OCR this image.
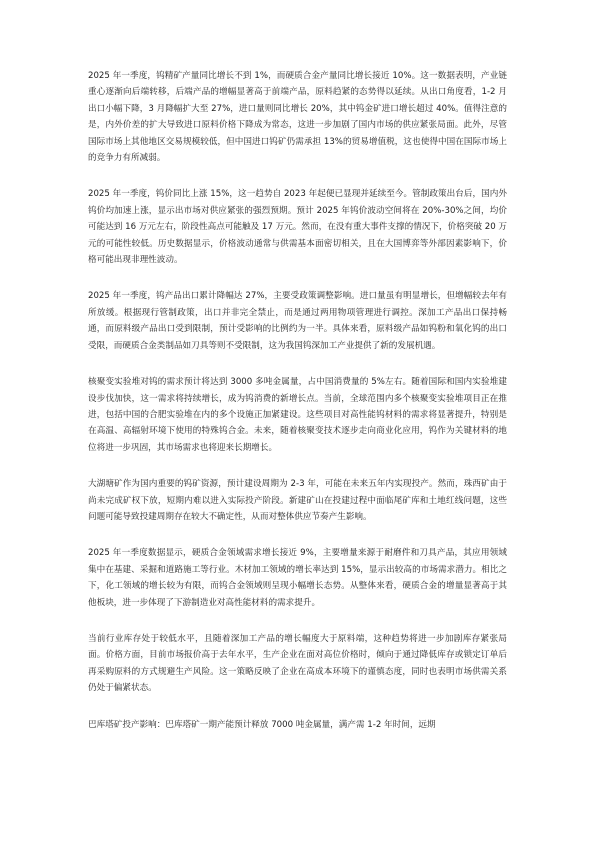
2025 年一季度，钨精矿产量同比增长不到 1%，而硬质合金产量同比增长接近 10%。这一数据表明，产业链重心逐渐向后端转移，后端产品的增幅显著高于前端产品，原料趋紧的态势得以延续。从出口角度看，1-2 月出口小幅下降，3 月降幅扩大至 27%，进口量则同比增长 20%，其中钨金矿进口增长超过 40%。值得注意的是，内外价差的扩大导致进口原料价格下降成为常态，这进一步加剧了国内市场的供应紧张局面。此外，尽管国际市场上其他地区交易规模较低，但中国进口钨矿仍需承担 13%的贸易增值税，这也使得中国在国际市场上的竞争力有所减弱。

2025 年一季度，钨价同比上涨 15%，这一趋势自 2023 年起便已显现并延续至今。管制政策出台后，国内外钨价均加速上涨，显示出市场对供应紧张的强烈预期。预计 2025 年钨价波动空间将在 20%-30%之间，均价可能达到 16 万元左右，阶段性高点可能触及 17 万元。然而，在没有重大事件支撑的情况下，价格突破 20 万元的可能性较低。历史数据显示，价格波动通常与供需基本面密切相关，且在大国博弈等外部因素影响下，价格可能出现非理性波动。

2025 年一季度，钨产品出口累计降幅达 27%，主要受政策调整影响。进口量虽有明显增长，但增幅较去年有所放缓。根据现行管制政策，出口并非完全禁止，而是通过两用物项管理进行调控。深加工产品出口保持畅通，而原料级产品出口受到限制，预计受影响的比例约为一半。具体来看，原料级产品如钨粉和氧化钨的出口受限，而硬质合金类制品如刀具等则不受限制，这为我国钨深加工产业提供了新的发展机遇。

核聚变实验堆对钨的需求预计将达到 3000 多吨金属量，占中国消费量的 5%左右。随着国际和国内实验堆建设步伐加快，这一需求将持续增长，成为钨消费的新增长点。当前，全球范围内多个核聚变实验堆项目正在推进，包括中国的合肥实验堆在内的多个设施正加紧建设。这些项目对高性能钨材料的需求将显著提升，特别是在高温、高辐射环境下使用的特殊钨合金。未来，随着核聚变技术逐步走向商业化应用，钨作为关键材料的地位将进一步巩固，其市场需求也将迎来长期增长。

大湖塘矿作为国内重要的钨矿资源，预计建设周期为 2-3 年，可能在未来五年内实现投产。然而，珠西矿由于尚未完成矿权下放，短期内难以进入实际投产阶段。新建矿山在投建过程中面临尾矿库和土地红线问题，这些问题可能导致投建周期存在较大不确定性，从而对整体供应节奏产生影响。

2025 年一季度数据显示，硬质合金领域需求增长接近 9%，主要增量来源于耐磨件和刀具产品，其应用领域集中在基建、采掘和道路施工等行业。木材加工领域的增长率达到 15%，显示出较高的市场需求潜力。相比之下，化工领域的增长较为有限，而钨合金领域则呈现小幅增长态势。从整体来看，硬质合金的增量显著高于其他板块，进一步体现了下游制造业对高性能材料的需求提升。

当前行业库存处于较低水平，且随着深加工产品的增长幅度大于原料端，这种趋势将进一步加剧库存紧张局面。价格方面，目前市场报价高于去年水平，生产企业在面对高位价格时，倾向于通过降低库存或锁定订单后再采购原料的方式规避生产风险。这一策略反映了企业在高成本环境下的谨慎态度，同时也表明市场供需关系仍处于偏紧状态。

巴库塔矿投产影响：巴库塔矿一期产能预计释放 7000 吨金属量，满产需 1-2 年时间，远期
